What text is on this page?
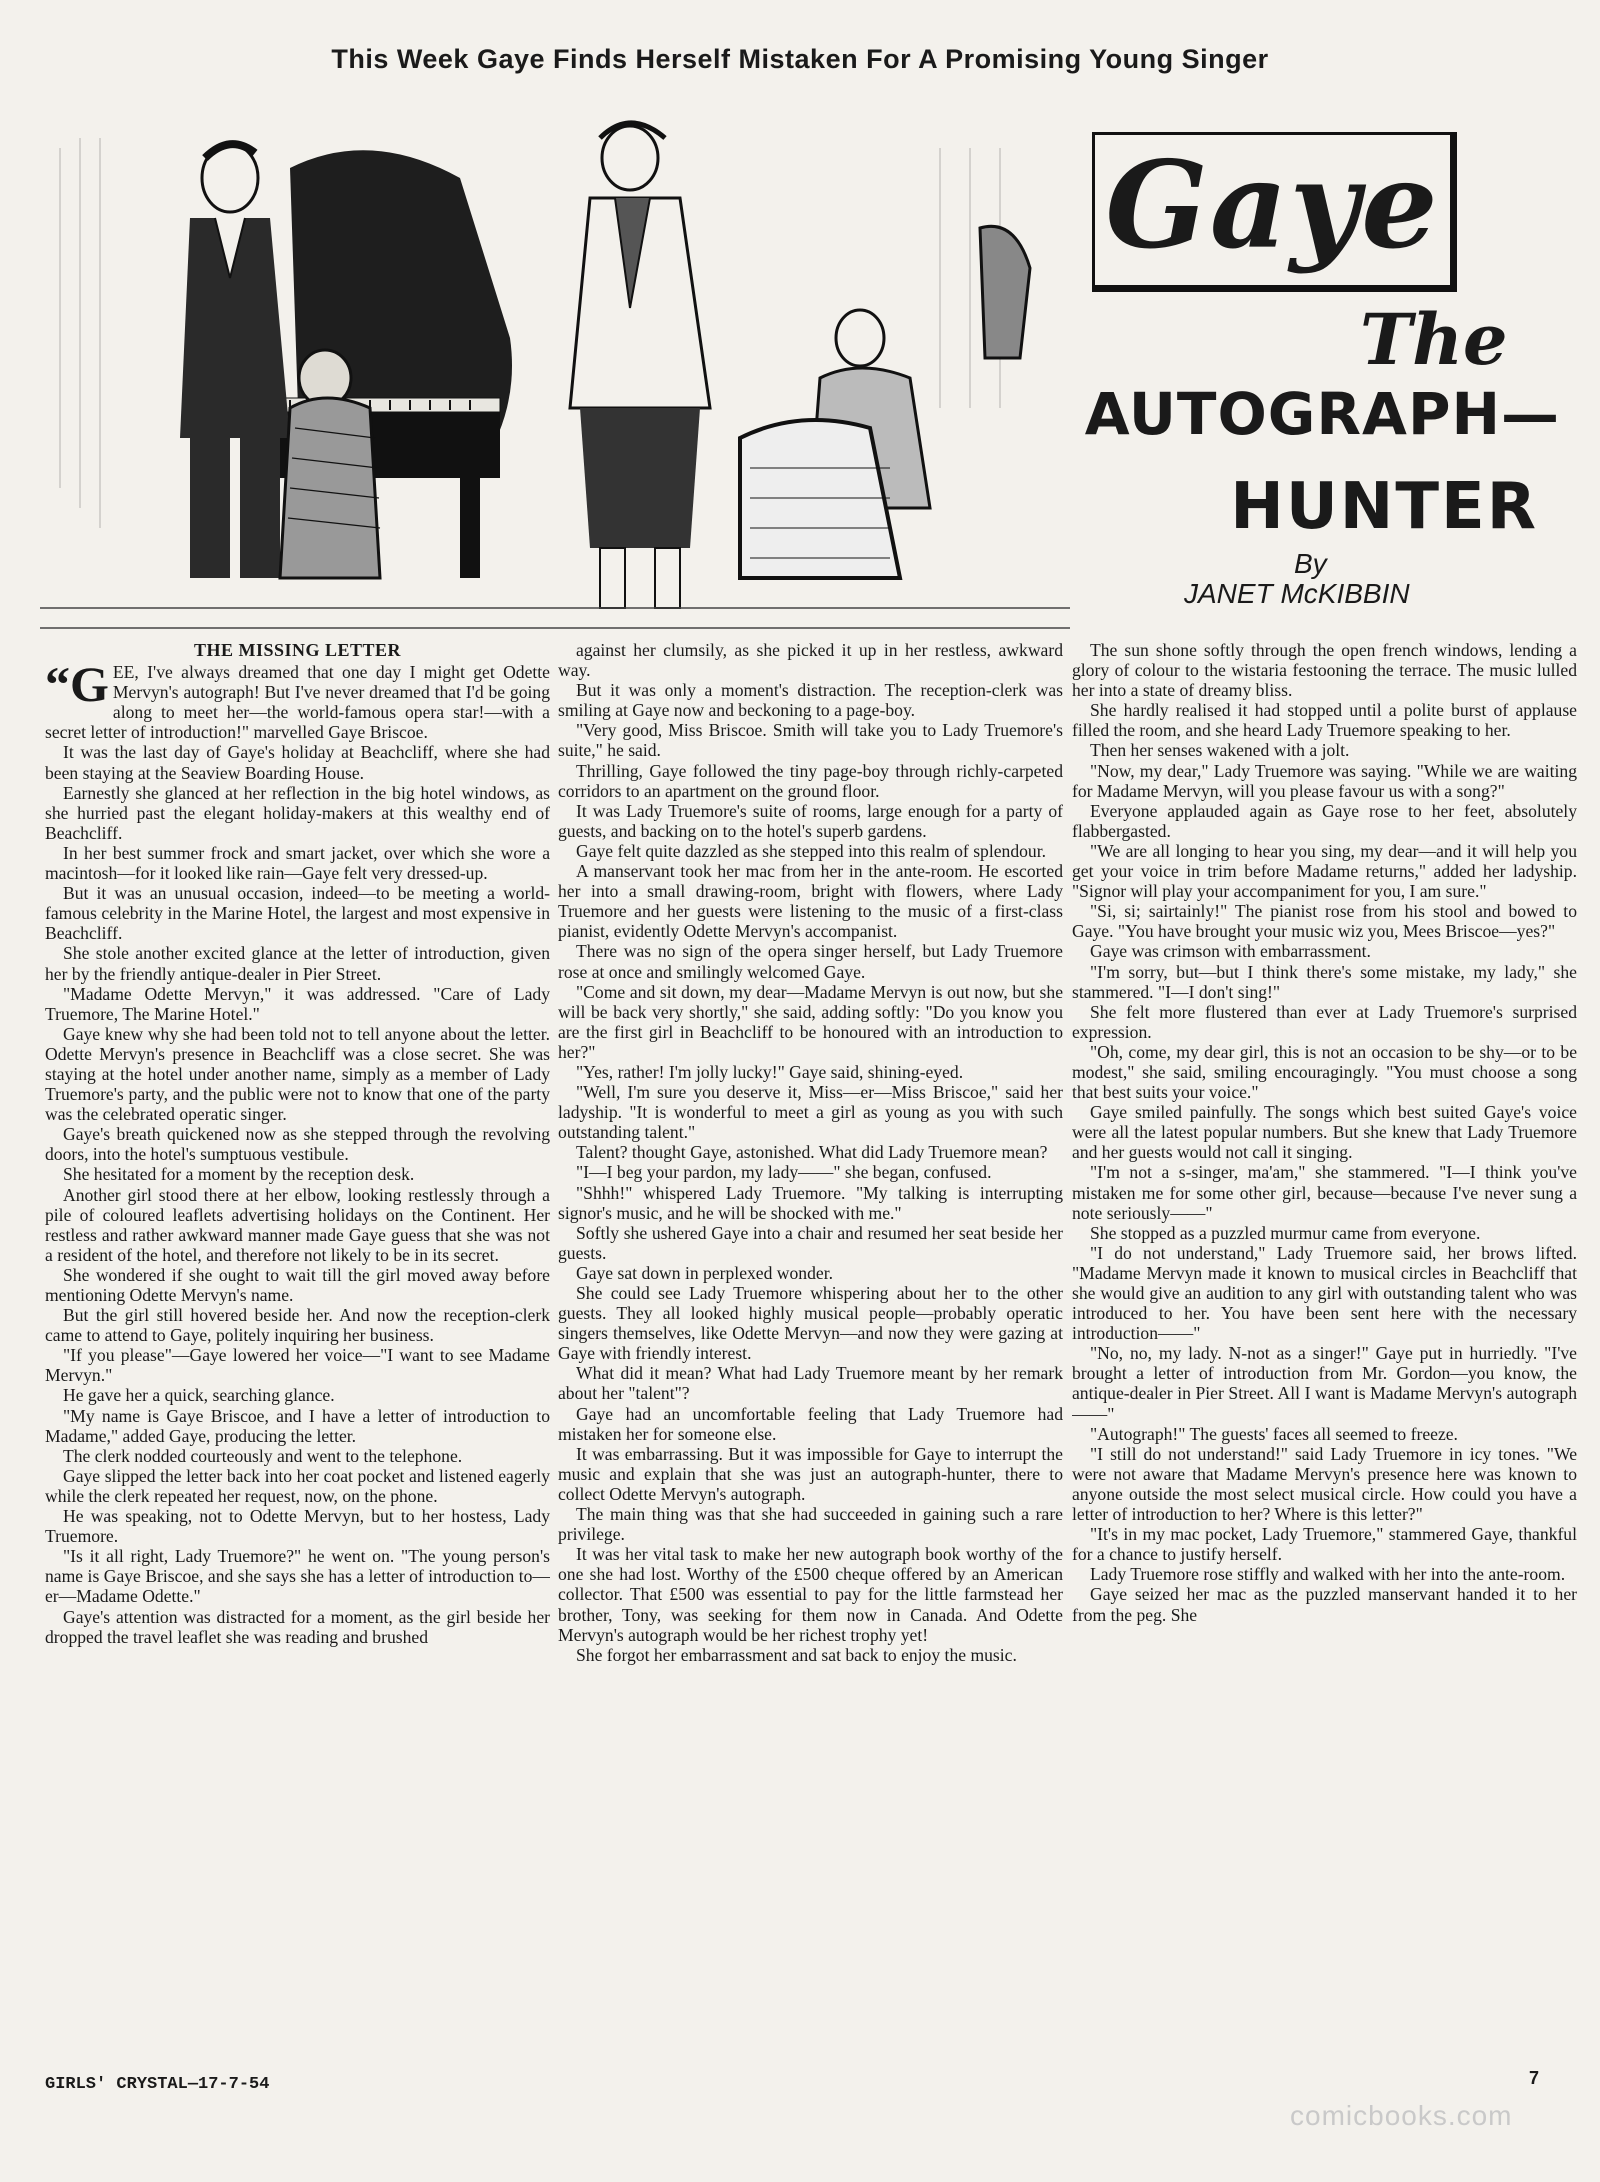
This Week Gaye Finds Herself Mistaken For A Promising Young Singer
Gaye
The
AUTOGRAPH—
HUNTER
By
JANET McKIBBIN
THE MISSING LETTER

“GEE, I've always dreamed that one day I might get Odette Mervyn's autograph! But I've never dreamed that I'd be going along to meet her—the world-famous opera star!—with a secret letter of introduction!" marvelled Gaye Briscoe.

It was the last day of Gaye's holiday at Beachcliff, where she had been staying at the Seaview Boarding House.

Earnestly she glanced at her reflection in the big hotel windows, as she hurried past the elegant holiday-makers at this wealthy end of Beachcliff.

In her best summer frock and smart jacket, over which she wore a macintosh—for it looked like rain—Gaye felt very dressed-up.

But it was an unusual occasion, indeed—to be meeting a world-famous celebrity in the Marine Hotel, the largest and most expensive in Beachcliff.

She stole another excited glance at the letter of introduction, given her by the friendly antique-dealer in Pier Street.

"Madame Odette Mervyn," it was addressed. "Care of Lady Truemore, The Marine Hotel."

Gaye knew why she had been told not to tell anyone about the letter. Odette Mervyn's presence in Beachcliff was a close secret. She was staying at the hotel under another name, simply as a member of Lady Truemore's party, and the public were not to know that one of the party was the celebrated operatic singer.

Gaye's breath quickened now as she stepped through the revolving doors, into the hotel's sumptuous vestibule.

She hesitated for a moment by the reception desk.

Another girl stood there at her elbow, looking restlessly through a pile of coloured leaflets advertising holidays on the Continent. Her restless and rather awkward manner made Gaye guess that she was not a resident of the hotel, and therefore not likely to be in its secret.

She wondered if she ought to wait till the girl moved away before mentioning Odette Mervyn's name.

But the girl still hovered beside her. And now the reception-clerk came to attend to Gaye, politely inquiring her business.

"If you please"—Gaye lowered her voice—"I want to see Madame Mervyn."

He gave her a quick, searching glance.

"My name is Gaye Briscoe, and I have a letter of introduction to Madame," added Gaye, producing the letter.

The clerk nodded courteously and went to the telephone.

Gaye slipped the letter back into her coat pocket and listened eagerly while the clerk repeated her request, now, on the phone.

He was speaking, not to Odette Mervyn, but to her hostess, Lady Truemore.

"Is it all right, Lady Truemore?" he went on. "The young person's name is Gaye Briscoe, and she says she has a letter of introduction to—er—Madame Odette."

Gaye's attention was distracted for a moment, as the girl beside her dropped the travel leaflet she was reading and brushed

against her clumsily, as she picked it up in her restless, awkward way.

But it was only a moment's distraction. The reception-clerk was smiling at Gaye now and beckoning to a page-boy.

"Very good, Miss Briscoe. Smith will take you to Lady Truemore's suite," he said.

Thrilling, Gaye followed the tiny page-boy through richly-carpeted corridors to an apartment on the ground floor.

It was Lady Truemore's suite of rooms, large enough for a party of guests, and backing on to the hotel's superb gardens.

Gaye felt quite dazzled as she stepped into this realm of splendour.

A manservant took her mac from her in the ante-room. He escorted her into a small drawing-room, bright with flowers, where Lady Truemore and her guests were listening to the music of a first-class pianist, evidently Odette Mervyn's accompanist.

There was no sign of the opera singer herself, but Lady Truemore rose at once and smilingly welcomed Gaye.

"Come and sit down, my dear—Madame Mervyn is out now, but she will be back very shortly," she said, adding softly: "Do you know you are the first girl in Beachcliff to be honoured with an introduction to her?"

"Yes, rather! I'm jolly lucky!" Gaye said, shining-eyed.

"Well, I'm sure you deserve it, Miss—er—Miss Briscoe," said her ladyship. "It is wonderful to meet a girl as young as you with such outstanding talent."

Talent? thought Gaye, astonished. What did Lady Truemore mean?

"I—I beg your pardon, my lady——" she began, confused.

"Shhh!" whispered Lady Truemore. "My talking is interrupting signor's music, and he will be shocked with me."

Softly she ushered Gaye into a chair and resumed her seat beside her guests.

Gaye sat down in perplexed wonder.

She could see Lady Truemore whispering about her to the other guests. They all looked highly musical people—probably operatic singers themselves, like Odette Mervyn—and now they were gazing at Gaye with friendly interest.

What did it mean? What had Lady Truemore meant by her remark about her "talent"?

Gaye had an uncomfortable feeling that Lady Truemore had mistaken her for someone else.

It was embarrassing. But it was impossible for Gaye to interrupt the music and explain that she was just an autograph-hunter, there to collect Odette Mervyn's autograph.

The main thing was that she had succeeded in gaining such a rare privilege.

It was her vital task to make her new autograph book worthy of the one she had lost. Worthy of the £500 cheque offered by an American collector. That £500 was essential to pay for the little farmstead her brother, Tony, was seeking for them now in Canada. And Odette Mervyn's autograph would be her richest trophy yet!

She forgot her embarrassment and sat back to enjoy the music.

The sun shone softly through the open french windows, lending a glory of colour to the wistaria festooning the terrace. The music lulled her into a state of dreamy bliss.

She hardly realised it had stopped until a polite burst of applause filled the room, and she heard Lady Truemore speaking to her.

Then her senses wakened with a jolt.

"Now, my dear," Lady Truemore was saying. "While we are waiting for Madame Mervyn, will you please favour us with a song?"

Everyone applauded again as Gaye rose to her feet, absolutely flabbergasted.

"We are all longing to hear you sing, my dear—and it will help you get your voice in trim before Madame returns," added her ladyship. "Signor will play your accompaniment for you, I am sure."

"Si, si; sairtainly!" The pianist rose from his stool and bowed to Gaye. "You have brought your music wiz you, Mees Briscoe—yes?"

Gaye was crimson with embarrassment.

"I'm sorry, but—but I think there's some mistake, my lady," she stammered. "I—I don't sing!"

She felt more flustered than ever at Lady Truemore's surprised expression.

"Oh, come, my dear girl, this is not an occasion to be shy—or to be modest," she said, smiling encouragingly. "You must choose a song that best suits your voice."

Gaye smiled painfully. The songs which best suited Gaye's voice were all the latest popular numbers. But she knew that Lady Truemore and her guests would not call it singing.

"I'm not a s-singer, ma'am," she stammered. "I—I think you've mistaken me for some other girl, because—because I've never sung a note seriously——"

She stopped as a puzzled murmur came from everyone.

"I do not understand," Lady Truemore said, her brows lifted. "Madame Mervyn made it known to musical circles in Beachcliff that she would give an audition to any girl with outstanding talent who was introduced to her. You have been sent here with the necessary introduction——"

"No, no, my lady. N-not as a singer!" Gaye put in hurriedly. "I've brought a letter of introduction from Mr. Gordon—you know, the antique-dealer in Pier Street. All I want is Madame Mervyn's autograph——"

"Autograph!" The guests' faces all seemed to freeze.

"I still do not understand!" said Lady Truemore in icy tones. "We were not aware that Madame Mervyn's presence here was known to anyone outside the most select musical circle. How could you have a letter of introduction to her? Where is this letter?"

"It's in my mac pocket, Lady Truemore," stammered Gaye, thankful for a chance to justify herself.

Lady Truemore rose stiffly and walked with her into the ante-room.

Gaye seized her mac as the puzzled manservant handed it to her from the peg. She

GIRLS' CRYSTAL—17-7-54	7
comicbooks.com
